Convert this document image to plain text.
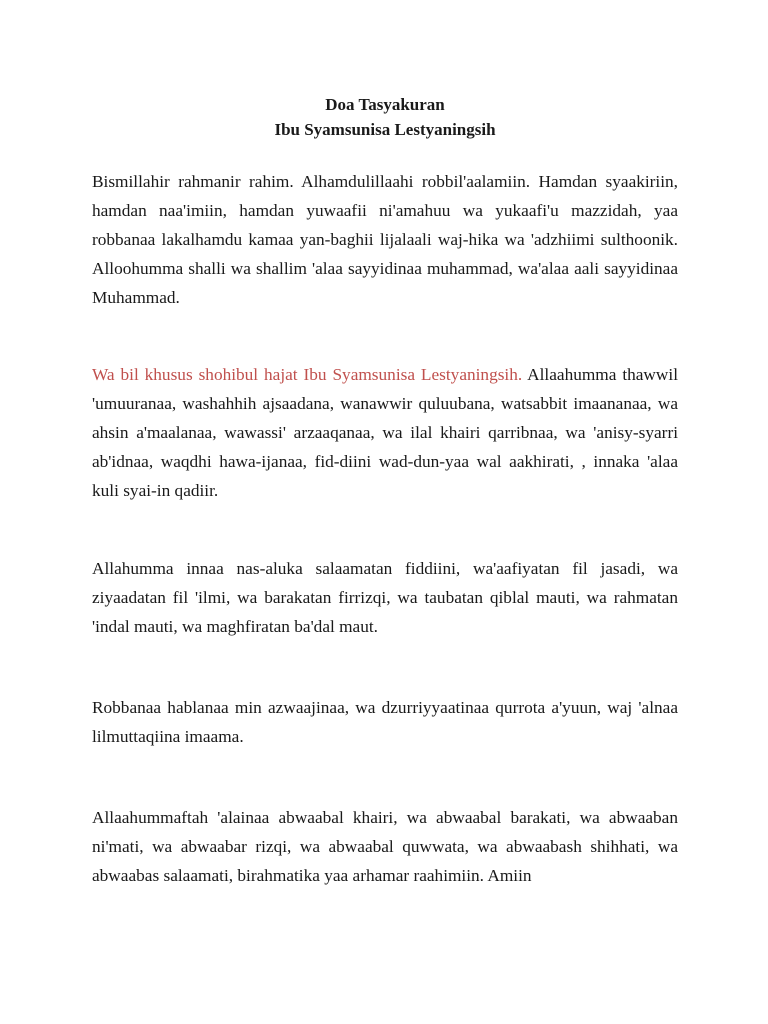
Doa Tasyakuran

Ibu Syamsunisa Lestyaningsih

Bismillahir rahmanir rahim. Alhamdulillaahi robbil'aalamiin. Hamdan syaakiriin, hamdan naa'imiin, hamdan yuwaafii ni'amahuu wa yukaafi'u mazzidah, yaa robbanaa lakalhamdu kamaa yan-baghii lijalaali waj-hika wa 'adzhiimi sulthoonik. Alloohumma shalli wa shallim 'alaa sayyidinaa muhammad, wa'alaa aali sayyidinaa Muhammad.

Wa bil khusus shohibul hajat Ibu Syamsunisa Lestyaningsih. Allaahumma thawwil 'umuuranaa, washahhih ajsaadana, wanawwir quluubana, watsabbit imaananaa, wa ahsin a'maalanaa, wawassi' arzaaqanaa, wa ilal khairi qarribnaa, wa 'anisy-syarri ab'idnaa, waqdhi hawa-ijanaa, fid-diini wad-dun-yaa wal aakhirati, , innaka 'alaa kuli syai-in qadiir.

Allahumma innaa nas-aluka salaamatan fiddiini, wa'aafiyatan fil jasadi, wa ziyaadatan fil 'ilmi, wa barakatan firrizqi, wa taubatan qiblal mauti, wa rahmatan 'indal mauti, wa maghfiratan ba'dal maut.

Robbanaa hablanaa min azwaajinaa, wa dzurriyyaatinaa qurrota a'yuun, waj 'alnaa lilmuttaqiina imaama.

Allaahummaftah 'alainaa abwaabal khairi, wa abwaabal barakati, wa abwaaban ni'mati, wa abwaabar rizqi, wa abwaabal quwwata, wa abwaabash shihhati, wa abwaabas salaamati, birahmatika yaa arhamar raahimiin. Amiin
